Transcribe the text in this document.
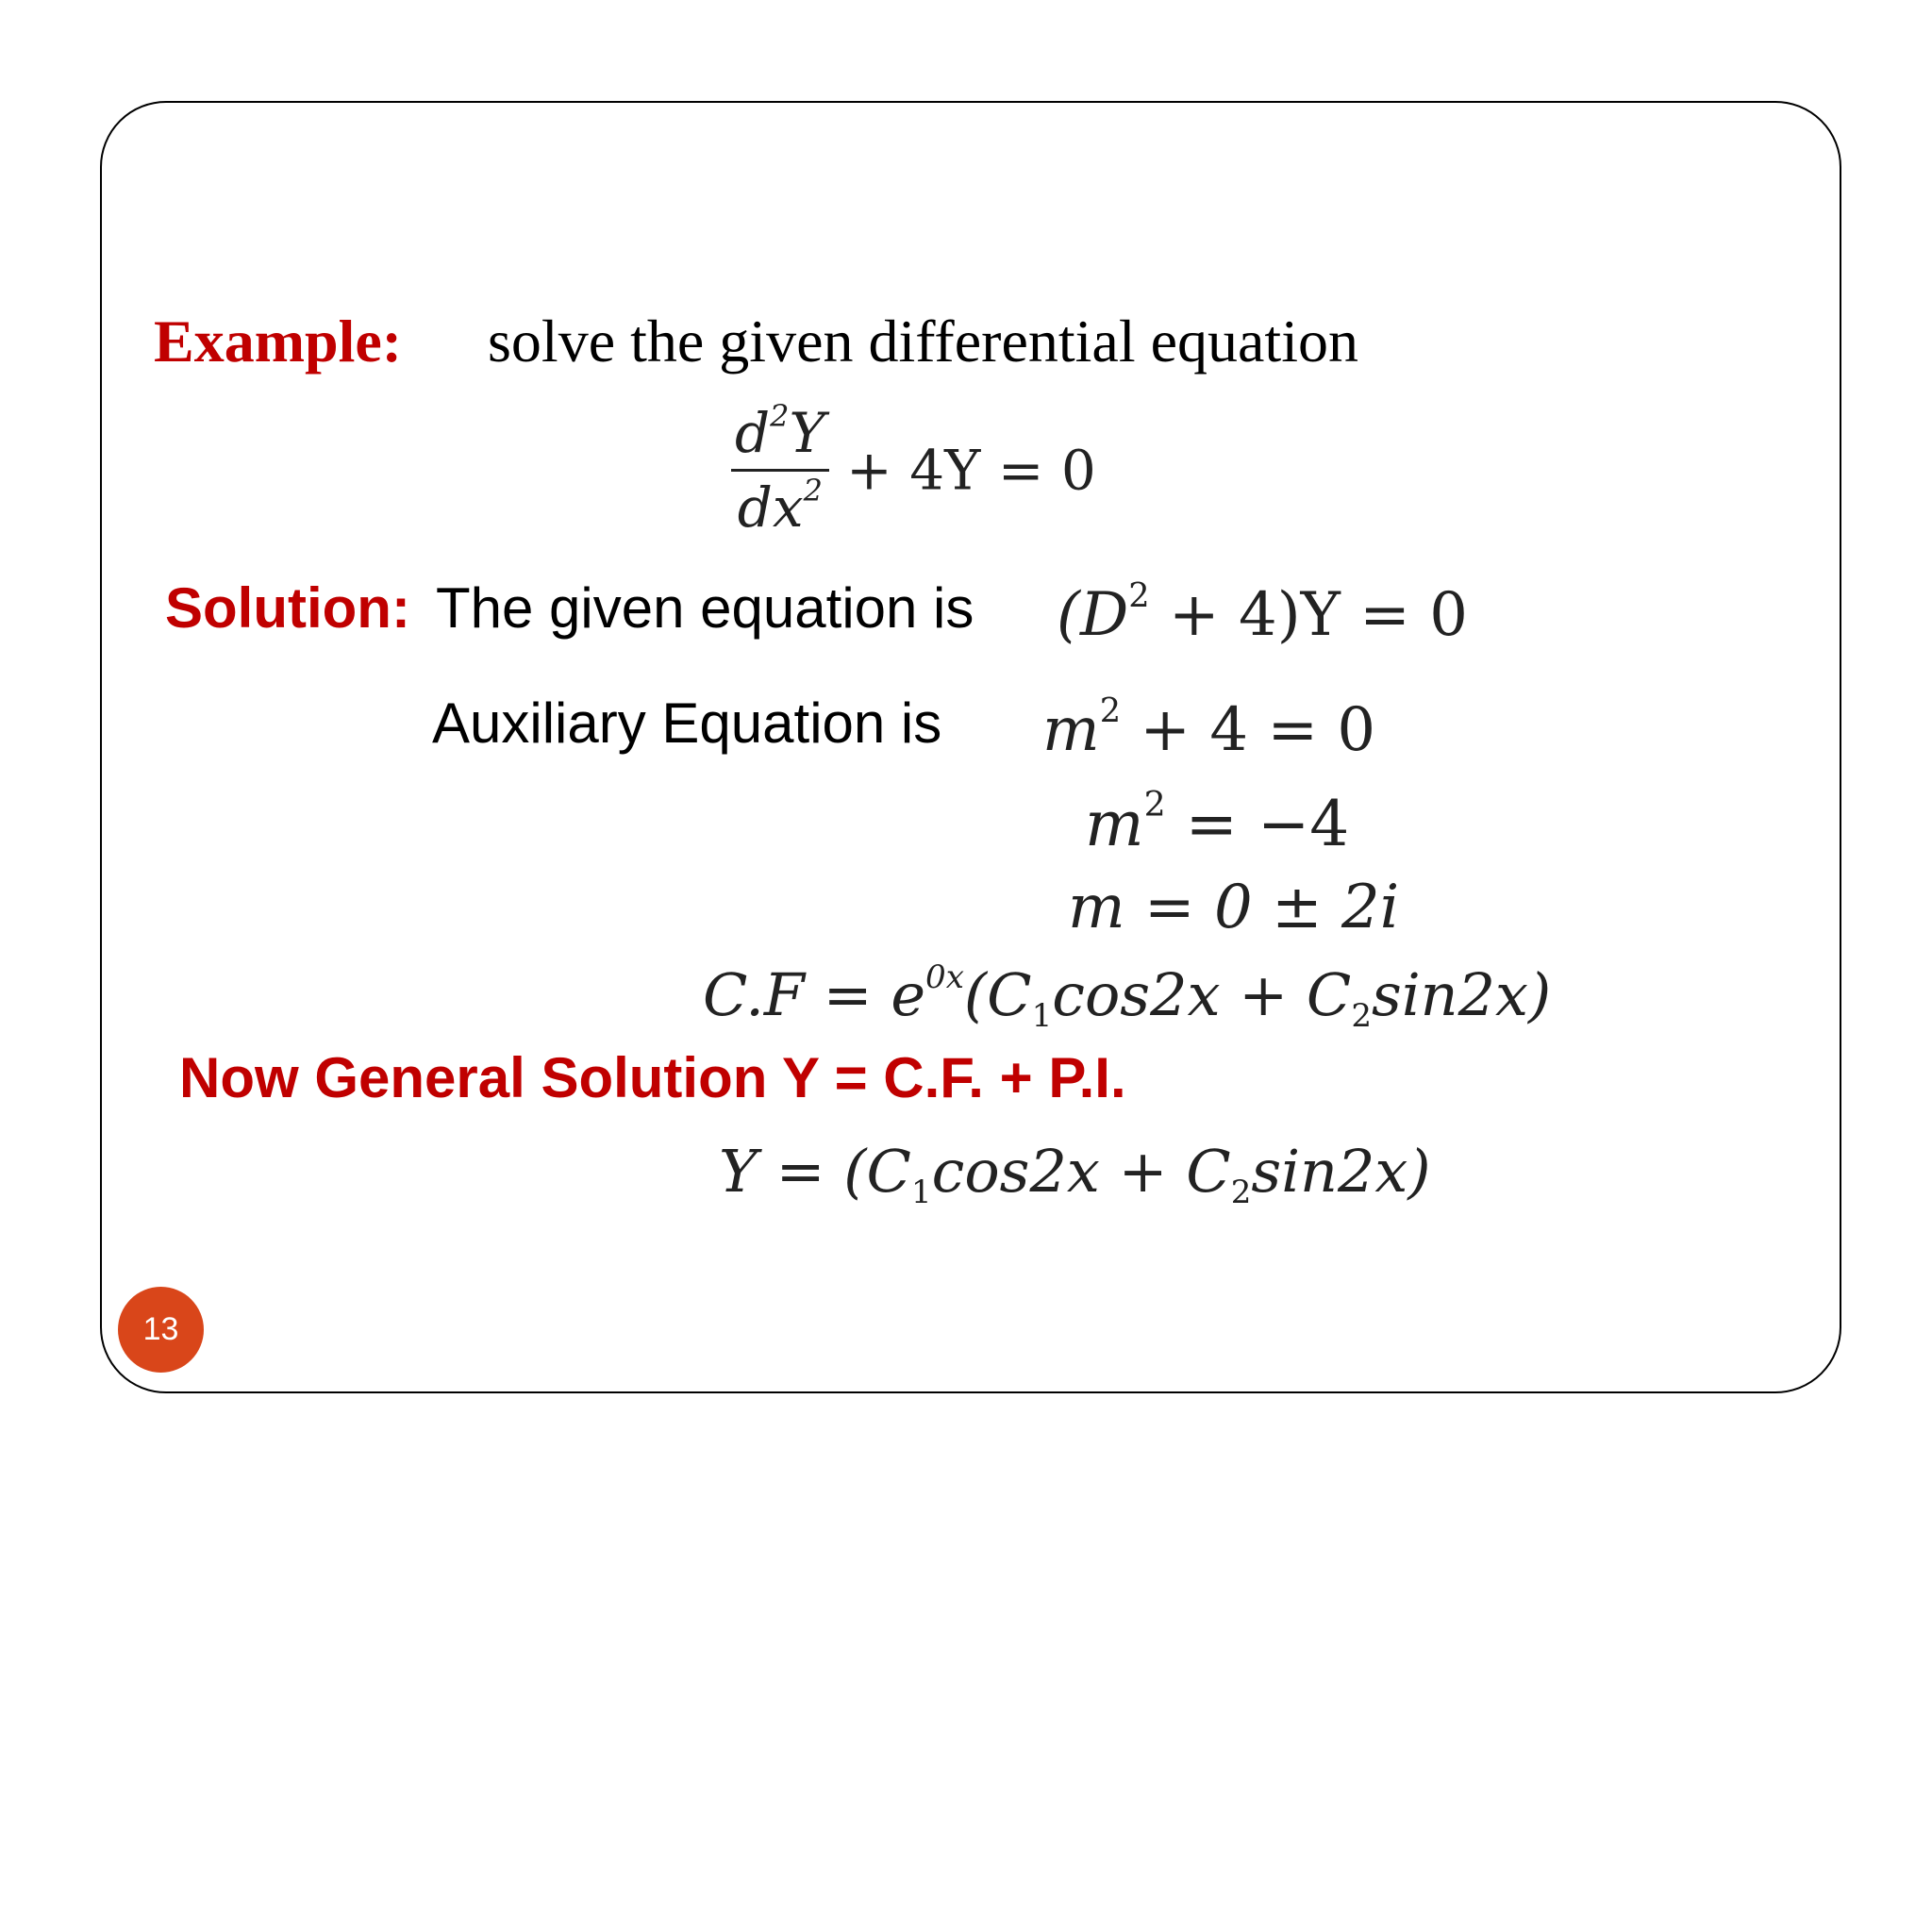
Example: solve the given differential equation
$\frac{d^2Y}{dx^2} + 4Y = 0$
Solution: The given equation is $(D^2 + 4)Y = 0$
Auxiliary Equation is $m^2 + 4 = 0$
$m^2 = -4$
m = 0 ± 2i
$C.F = e^{0x}(C_1\cos 2x + C_2\sin 2x)$
Now General Solution Y = C.F. + P.I.
$Y = (C_1\cos 2x + C_2\sin 2x)$
13
